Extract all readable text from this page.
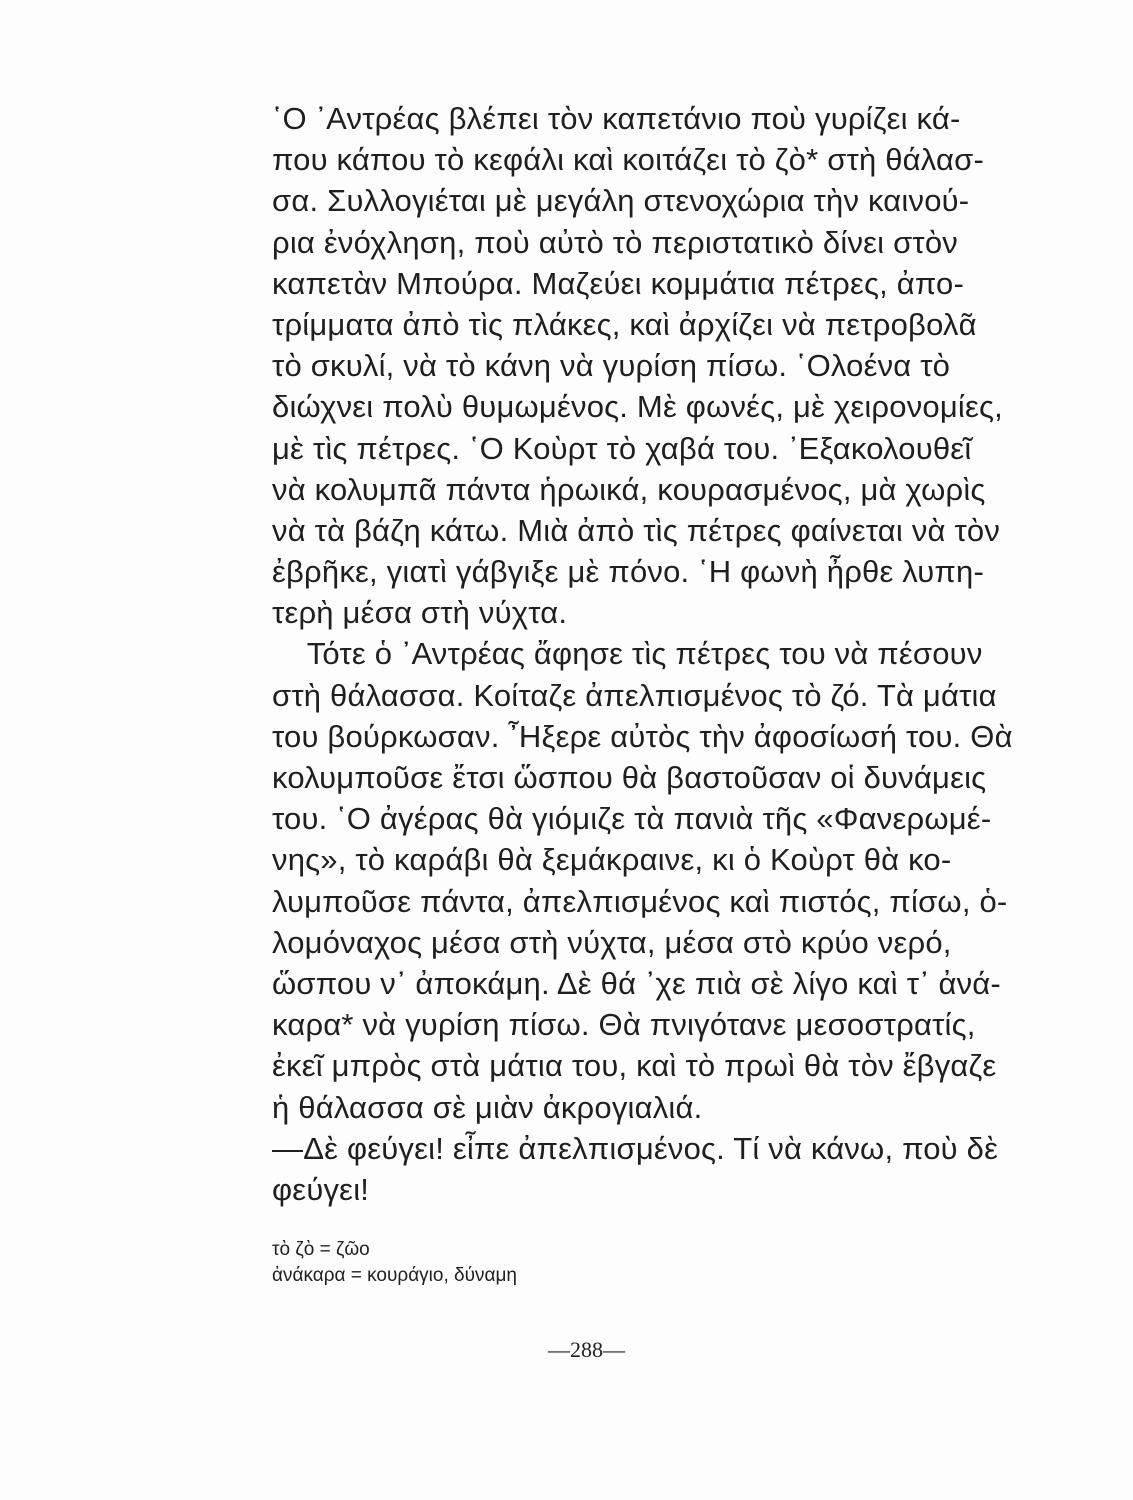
῾Ο ᾿Αντρέας βλέπει τὸν καπετάνιο ποὺ γυρίζει κά-
που κάπου τὸ κεφάλι καὶ κοιτάζει τὸ ζὸ* στὴ θάλασ-
σα. Συλλογιέται μὲ μεγάλη στενοχώρια τὴν καινού-
ρια ἐνόχληση, ποὺ αὐτὸ τὸ περιστατικὸ δίνει στὸν
καπετὰν Μπούρα. Μαζεύει κομμάτια πέτρες, ἀπο-
τρίμματα ἀπὸ τὶς πλάκες, καὶ ἀρχίζει νὰ πετροβολᾶ
τὸ σκυλί, νὰ τὸ κάνη νὰ γυρίση πίσω. ῾Ολοένα τὸ
διώχνει πολὺ θυμωμένος. Μὲ φωνές, μὲ χειρονομίες,
μὲ τὶς πέτρες. ῾Ο Κοὺρτ τὸ χαβά του. ᾿Εξακολουθεῖ
νὰ κολυμπᾶ πάντα ἡρωικά, κουρασμένος, μὰ χωρὶς
νὰ τὰ βάζη κάτω. Μιὰ ἀπὸ τὶς πέτρες φαίνεται νὰ τὸν
ἐβρῆκε, γιατὶ γάβγιξε μὲ πόνο. ῾Η φωνὴ ἦρθε λυπη-
τερὴ μέσα στὴ νύχτα.
Τότε ὁ ᾿Αντρέας ἄφησε τὶς πέτρες του νὰ πέσουν
στὴ θάλασσα. Κοίταζε ἀπελπισμένος τὸ ζό. Τὰ μάτια
του βούρκωσαν. ῏Ηξερε αὐτὸς τὴν ἀφοσίωσή του. Θὰ
κολυμποῦσε ἔτσι ὥσπου θὰ βαστοῦσαν οἱ δυνάμεις
του. ῾Ο ἀγέρας θὰ γιόμιζε τὰ πανιὰ τῆς «Φανερωμέ-
νης», τὸ καράβι θὰ ξεμάκραινε, κι ὁ Κοὺρτ θὰ κο-
λυμποῦσε πάντα, ἀπελπισμένος καὶ πιστός, πίσω, ὁ-
λομόναχος μέσα στὴ νύχτα, μέσα στὸ κρύο νερό,
ὥσπου ν᾿ ἀποκάμη. Δὲ θά ᾿χε πιὰ σὲ λίγο καὶ τ᾿ ἀνά-
καρα* νὰ γυρίση πίσω. Θὰ πνιγότανε μεσοστρατίς,
ἐκεῖ μπρὸς στὰ μάτια του, καὶ τὸ πρωὶ θὰ τὸν ἔβγαζε
ἡ θάλασσα σὲ μιὰν ἀκρογιαλιά.
—Δὲ φεύγει! εἶπε ἀπελπισμένος. Τί νὰ κάνω, ποὺ δὲ
φεύγει!
τὸ ζὸ = ζῶο
ἀνάκαρα = κουράγιο, δύναμη
—288—
